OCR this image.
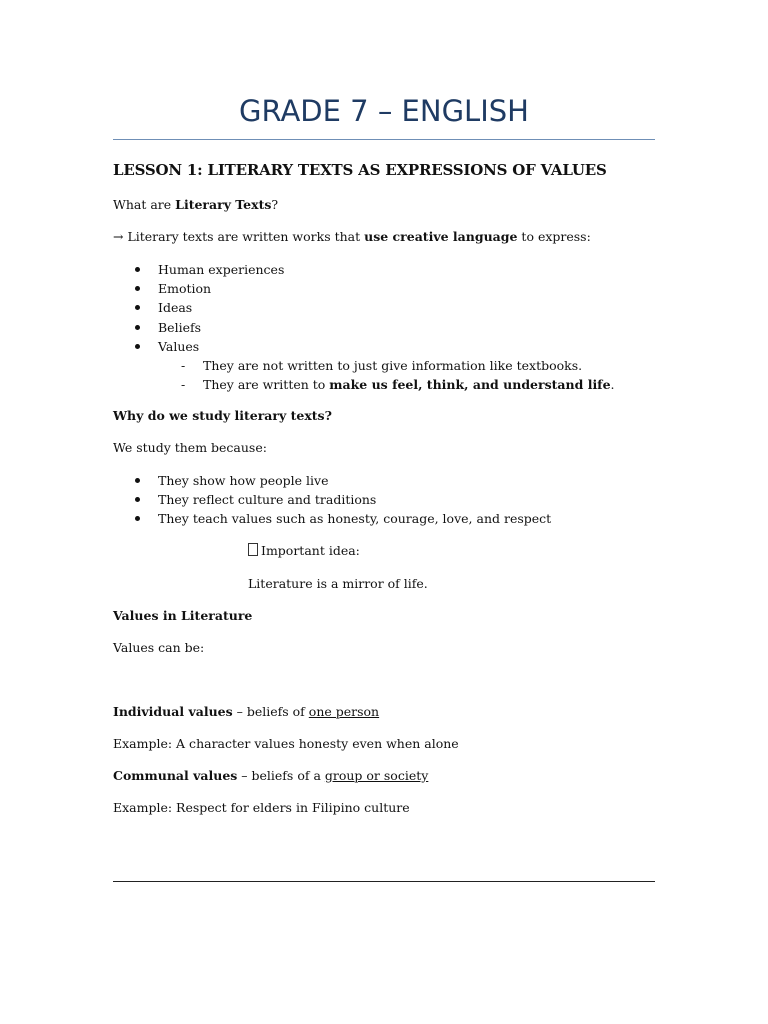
GRADE 7 – ENGLISH
LESSON 1: LITERARY TEXTS AS EXPRESSIONS OF VALUES
What are Literary Texts?
→ Literary texts are written works that use creative language to express:
Human experiences
Emotion
Ideas
Beliefs
Values
- They are not written to just give information like textbooks.
- They are written to make us feel, think, and understand life.
Why do we study literary texts?
We study them because:
They show how people live
They reflect culture and traditions
They teach values such as honesty, courage, love, and respect
Important idea:
Literature is a mirror of life.
Values in Literature
Values can be:
Individual values – beliefs of one person
Example: A character values honesty even when alone
Communal values – beliefs of a group or society
Example: Respect for elders in Filipino culture
